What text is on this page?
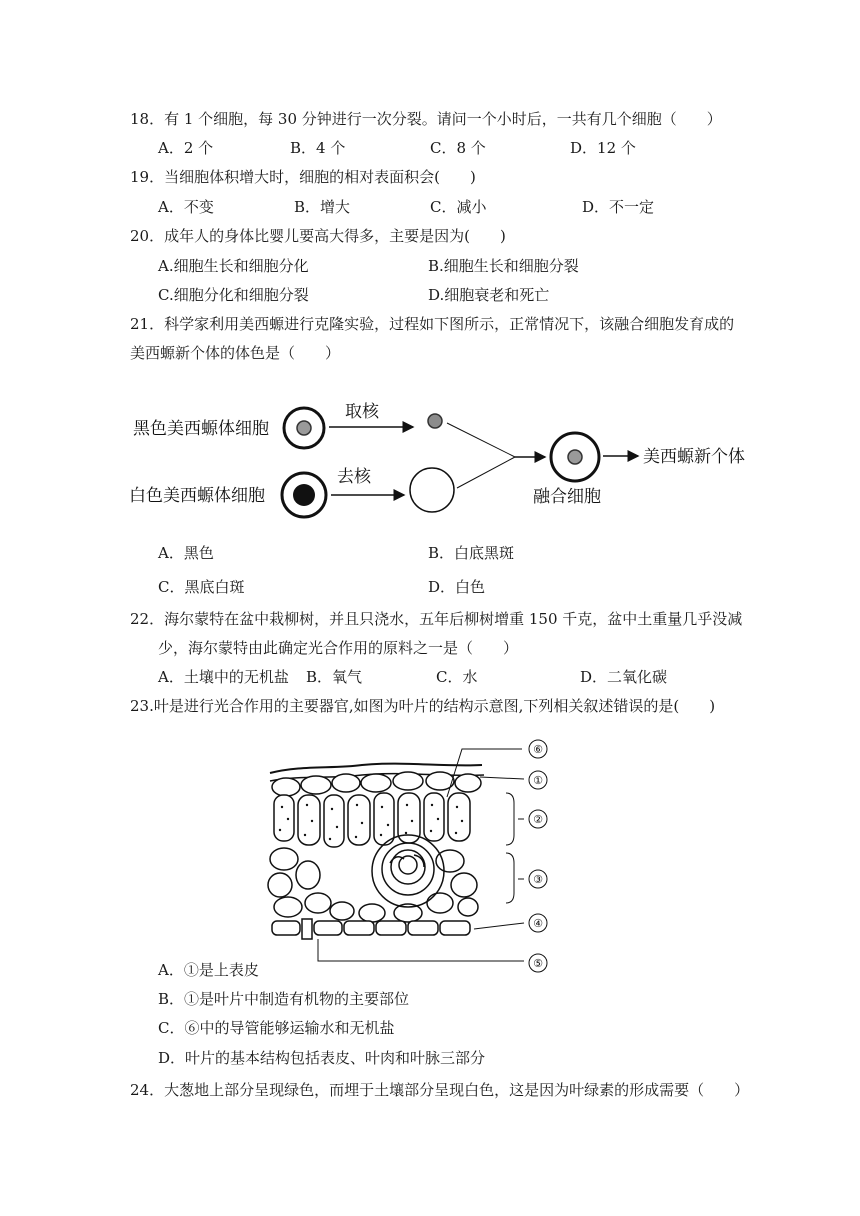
18．有 1 个细胞，每 30 分钟进行一次分裂。请问一个小时后，一共有几个细胞（　　）
A．2 个	B．4 个	C．8 个	D．12 个
19．当细胞体积增大时，细胞的相对表面积会(　　)
A．不变	B．增大	C．减小	D．不一定
20．成年人的身体比婴儿要高大得多，主要是因为(　　)
A.细胞生长和细胞分化	B.细胞生长和细胞分裂
C.细胞分化和细胞分裂	D.细胞衰老和死亡
21．科学家利用美西螈进行克隆实验，过程如下图所示，正常情况下，该融合细胞发育成的
美西螈新个体的体色是（　　）
黑色美西螈体细胞
取核
白色美西螈体细胞
去核
融合细胞
美西螈新个体
A．黑色	B．白底黑斑
C．黑底白斑	D．白色
22．海尔蒙特在盆中栽柳树，并且只浇水，五年后柳树增重 150 千克，盆中土重量几乎没减
少，海尔蒙特由此确定光合作用的原料之一是（　　）
A．土壤中的无机盐 B．氧气	C．水	D．二氧化碳
23.叶是进行光合作用的主要器官,如图为叶片的结构示意图,下列相关叙述错误的是(　　)
⑥
①
②
③
④
⑤
A．①是上表皮
B．①是叶片中制造有机物的主要部位
C．⑥中的导管能够运输水和无机盐
D．叶片的基本结构包括表皮、叶肉和叶脉三部分
24．大葱地上部分呈现绿色，而埋于土壤部分呈现白色，这是因为叶绿素的形成需要（　　）
